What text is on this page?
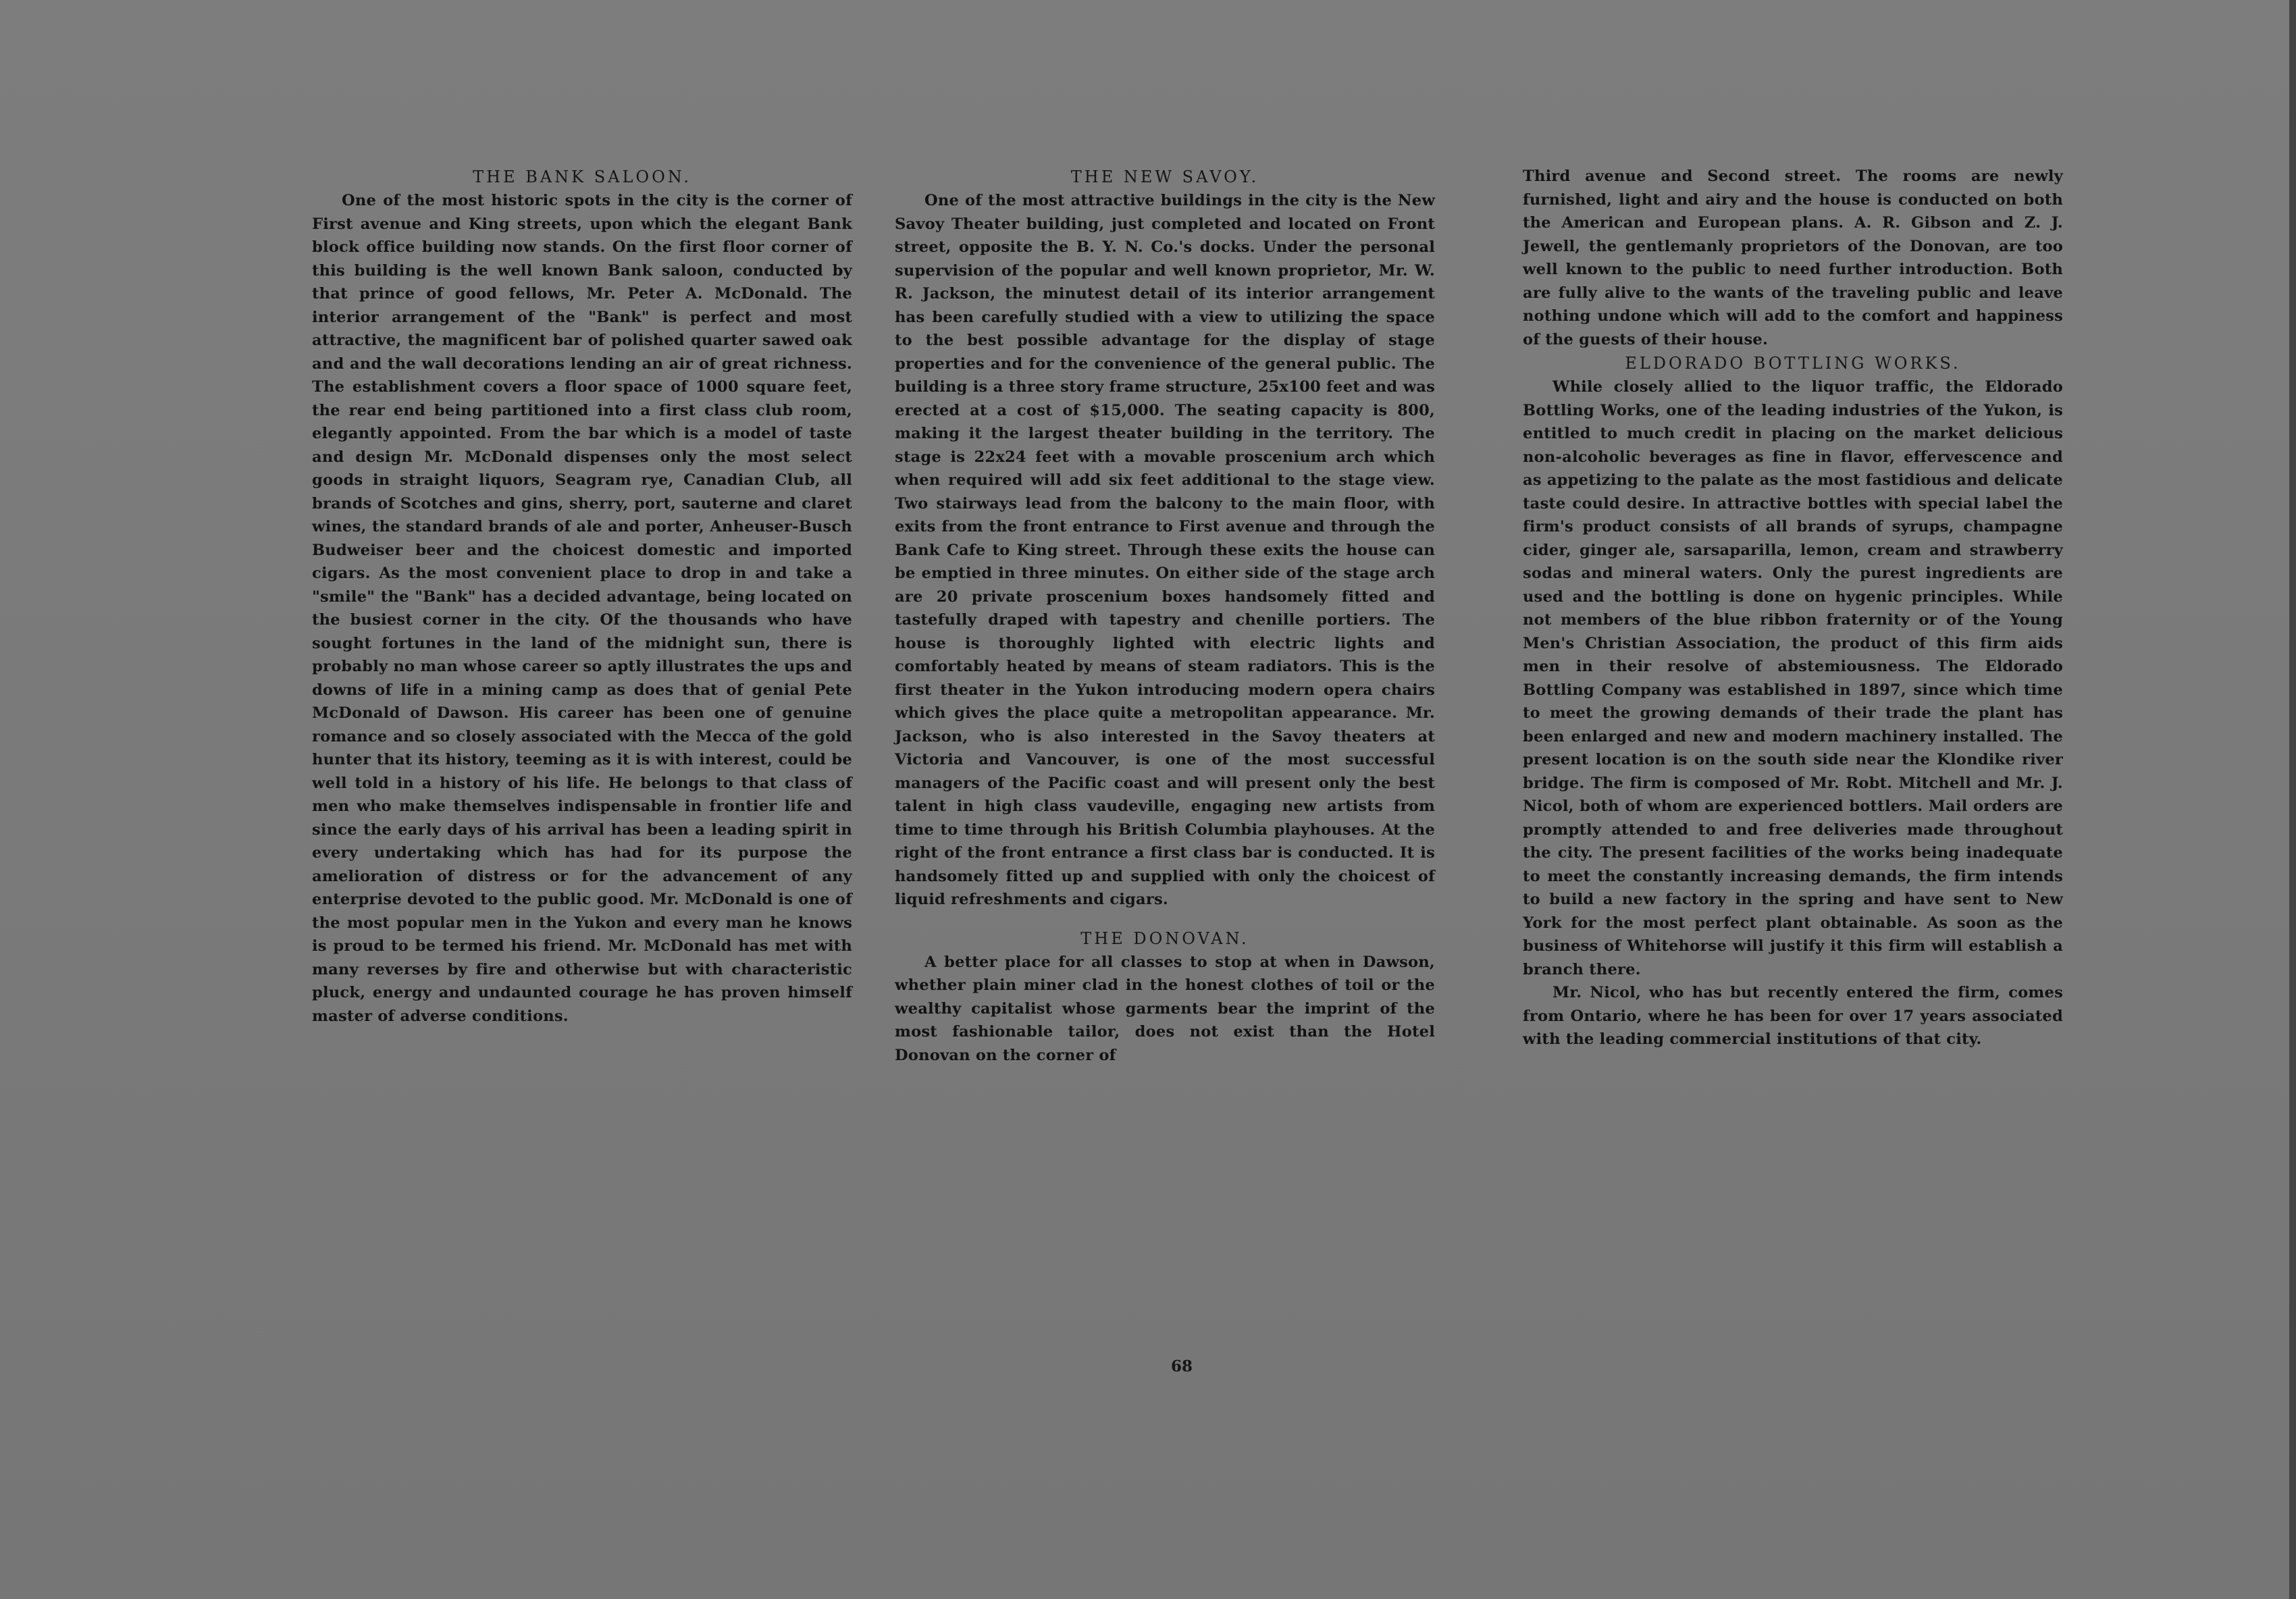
THE BANK SALOON.

One of the most historic spots in the city is the corner of First avenue and King streets, upon which the elegant Bank block office building now stands. On the first floor corner of this building is the well known Bank saloon, conducted by that prince of good fellows, Mr. Peter A. McDonald. The interior arrangement of the "Bank" is perfect and most attractive, the magnificent bar of polished quarter sawed oak and and the wall decorations lending an air of great richness. The establishment covers a floor space of 1000 square feet, the rear end being partitioned into a first class club room, elegantly appointed. From the bar which is a model of taste and design Mr. McDonald dispenses only the most select goods in straight liquors, Seagram rye, Canadian Club, all brands of Scotches and gins, sherry, port, sauterne and claret wines, the standard brands of ale and porter, Anheuser-Busch Budweiser beer and the choicest domestic and imported cigars. As the most convenient place to drop in and take a "smile" the "Bank" has a decided advantage, being located on the busiest corner in the city. Of the thousands who have sought fortunes in the land of the midnight sun, there is probably no man whose career so aptly illustrates the ups and downs of life in a mining camp as does that of genial Pete McDonald of Dawson. His career has been one of genuine romance and so closely associated with the Mecca of the gold hunter that its history, teeming as it is with interest, could be well told in a history of his life. He belongs to that class of men who make themselves indispensable in frontier life and since the early days of his arrival has been a leading spirit in every undertaking which has had for its purpose the amelioration of distress or for the advancement of any enterprise devoted to the public good. Mr. McDonald is one of the most popular men in the Yukon and every man he knows is proud to be termed his friend. Mr. McDonald has met with many reverses by fire and otherwise but with characteristic pluck, energy and undaunted courage he has proven himself master of adverse conditions.

THE NEW SAVOY.

One of the most attractive buildings in the city is the New Savoy Theater building, just completed and located on Front street, opposite the B. Y. N. Co.'s docks. Under the personal supervision of the popular and well known proprietor, Mr. W. R. Jackson, the minutest detail of its interior arrangement has been carefully studied with a view to utilizing the space to the best possible advantage for the display of stage properties and for the convenience of the general public. The building is a three story frame structure, 25x100 feet and was erected at a cost of $15,000. The seating capacity is 800, making it the largest theater building in the territory. The stage is 22x24 feet with a movable proscenium arch which when required will add six feet additional to the stage view. Two stairways lead from the balcony to the main floor, with exits from the front entrance to First avenue and through the Bank Cafe to King street. Through these exits the house can be emptied in three minutes. On either side of the stage arch are 20 private proscenium boxes handsomely fitted and tastefully draped with tapestry and chenille portiers. The house is thoroughly lighted with electric lights and comfortably heated by means of steam radiators. This is the first theater in the Yukon introducing modern opera chairs which gives the place quite a metropolitan appearance. Mr. Jackson, who is also interested in the Savoy theaters at Victoria and Vancouver, is one of the most successful managers of the Pacific coast and will present only the best talent in high class vaudeville, engaging new artists from time to time through his British Columbia playhouses. At the right of the front entrance a first class bar is conducted. It is handsomely fitted up and supplied with only the choicest of liquid refreshments and cigars.

THE DONOVAN.

A better place for all classes to stop at when in Dawson, whether plain miner clad in the honest clothes of toil or the wealthy capitalist whose garments bear the imprint of the most fashionable tailor, does not exist than the Hotel Donovan on the corner of

Third avenue and Second street. The rooms are newly furnished, light and airy and the house is conducted on both the American and European plans. A. R. Gibson and Z. J. Jewell, the gentlemanly proprietors of the Donovan, are too well known to the public to need further introduction. Both are fully alive to the wants of the traveling public and leave nothing undone which will add to the comfort and happiness of the guests of their house.

ELDORADO BOTTLING WORKS.

While closely allied to the liquor traffic, the Eldorado Bottling Works, one of the leading industries of the Yukon, is entitled to much credit in placing on the market delicious non-alcoholic beverages as fine in flavor, effervescence and as appetizing to the palate as the most fastidious and delicate taste could desire. In attractive bottles with special label the firm's product consists of all brands of syrups, champagne cider, ginger ale, sarsaparilla, lemon, cream and strawberry sodas and mineral waters. Only the purest ingredients are used and the bottling is done on hygenic principles. While not members of the blue ribbon fraternity or of the Young Men's Christian Association, the product of this firm aids men in their resolve of abstemiousness. The Eldorado Bottling Company was established in 1897, since which time to meet the growing demands of their trade the plant has been enlarged and new and modern machinery installed. The present location is on the south side near the Klondike river bridge. The firm is composed of Mr. Robt. Mitchell and Mr. J. Nicol, both of whom are experienced bottlers. Mail orders are promptly attended to and free deliveries made throughout the city. The present facilities of the works being inadequate to meet the constantly increasing demands, the firm intends to build a new factory in the spring and have sent to New York for the most perfect plant obtainable. As soon as the business of Whitehorse will justify it this firm will establish a branch there.

Mr. Nicol, who has but recently entered the firm, comes from Ontario, where he has been for over 17 years associated with the leading commercial institutions of that city.

68
